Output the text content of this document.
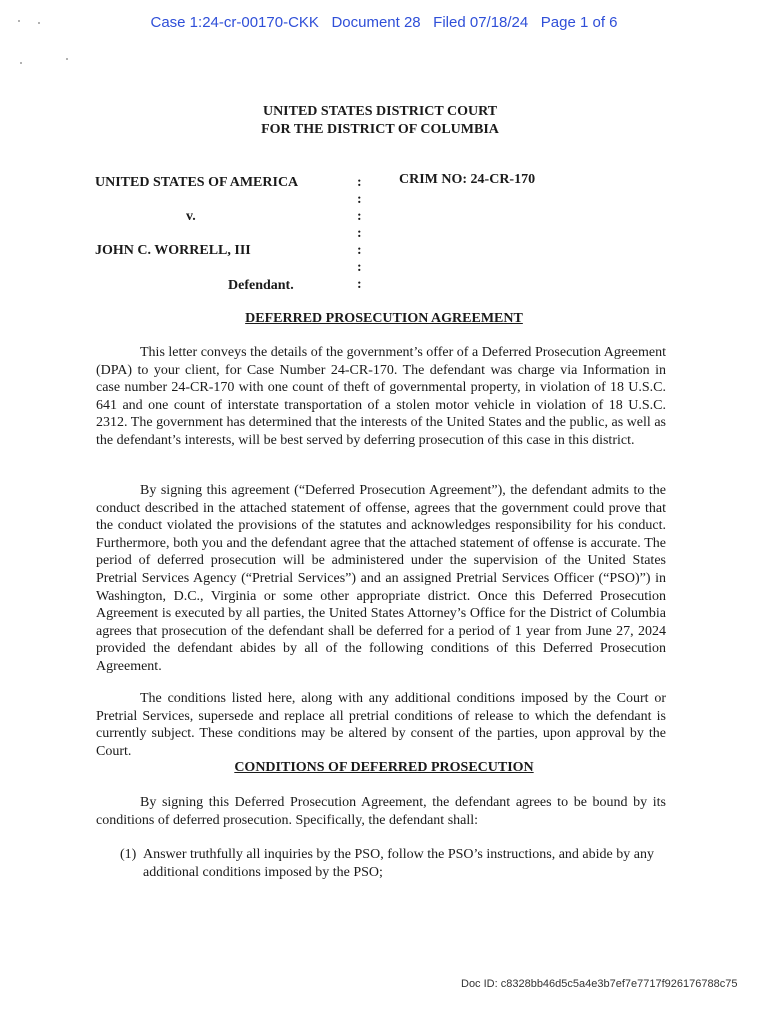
Case 1:24-cr-00170-CKK Document 28 Filed 07/18/24 Page 1 of 6
UNITED STATES DISTRICT COURT
FOR THE DISTRICT OF COLUMBIA
UNITED STATES OF AMERICA
v.
JOHN C. WORRELL, III
Defendant.
CRIM NO: 24-CR-170
:
:
:
:
:
:
:
DEFERRED PROSECUTION AGREEMENT

This letter conveys the details of the government’s offer of a Deferred Prosecution Agreement (DPA) to your client, for Case Number 24-CR-170. The defendant was charge via Information in case number 24-CR-170 with one count of theft of governmental property, in violation of 18 U.S.C. 641 and one count of interstate transportation of a stolen motor vehicle in violation of 18 U.S.C. 2312. The government has determined that the interests of the United States and the public, as well as the defendant’s interests, will be best served by deferring prosecution of this case in this district.

By signing this agreement (“Deferred Prosecution Agreement”), the defendant admits to the conduct described in the attached statement of offense, agrees that the government could prove that the conduct violated the provisions of the statutes and acknowledges responsibility for his conduct. Furthermore, both you and the defendant agree that the attached statement of offense is accurate. The period of deferred prosecution will be administered under the supervision of the United States Pretrial Services Agency (“Pretrial Services”) and an assigned Pretrial Services Officer (“PSO)”) in Washington, D.C., Virginia or some other appropriate district. Once this Deferred Prosecution Agreement is executed by all parties, the United States Attorney’s Office for the District of Columbia agrees that prosecution of the defendant shall be deferred for a period of 1 year from June 27, 2024 provided the defendant abides by all of the following conditions of this Deferred Prosecution Agreement.

The conditions listed here, along with any additional conditions imposed by the Court or Pretrial Services, supersede and replace all pretrial conditions of release to which the defendant is currently subject. These conditions may be altered by consent of the parties, upon approval by the Court.

CONDITIONS OF DEFERRED PROSECUTION

By signing this Deferred Prosecution Agreement, the defendant agrees to be bound by its conditions of deferred prosecution. Specifically, the defendant shall:

(1) Answer truthfully all inquiries by the PSO, follow the PSO’s instructions, and abide by any additional conditions imposed by the PSO;
Doc ID: c8328bb46d5c5a4e3b7ef7e7717f926176788c75
